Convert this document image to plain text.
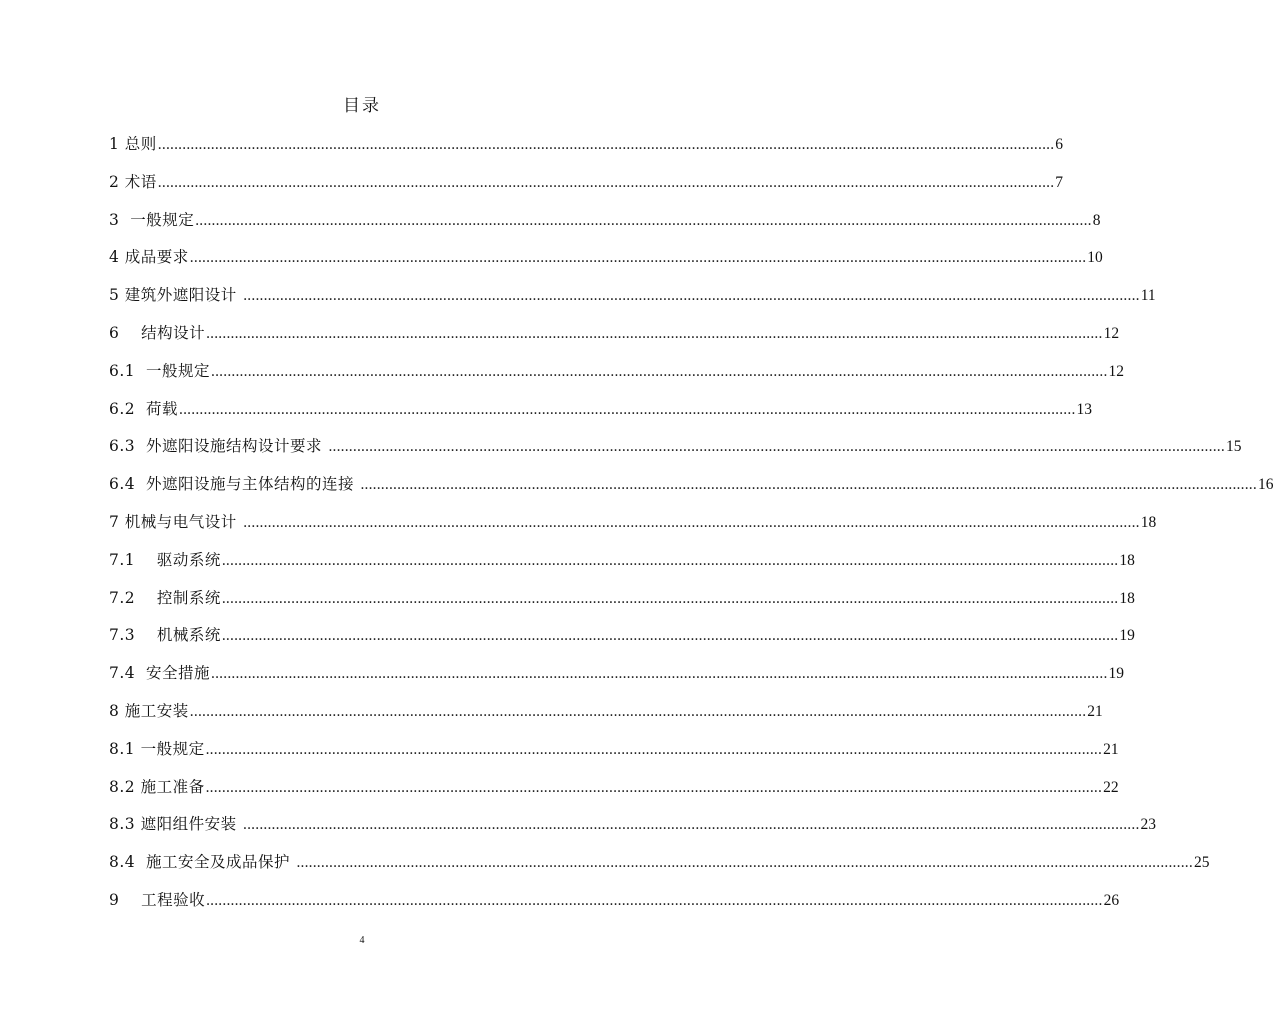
目录
1 总则 ............................................................................................................................................................................................................................ 6
2 术语 ............................................................................................................................................................................................................................ 7
3  一般规定 ............................................................................................................................................................................................................................ 8
4 成品要求 ............................................................................................................................................................................................................................ 10
5 建筑外遮阳设计 ............................................................................................................................................................................................................................ 11
6    结构设计 ............................................................................................................................................................................................................................ 12
6.1  一般规定 ............................................................................................................................................................................................................................ 12
6.2  荷载 ............................................................................................................................................................................................................................ 13
6.3  外遮阳设施结构设计要求 ............................................................................................................................................................................................................................ 15
6.4  外遮阳设施与主体结构的连接 ............................................................................................................................................................................................................................ 16
7 机械与电气设计 ............................................................................................................................................................................................................................ 18
7.1    驱动系统 ............................................................................................................................................................................................................................ 18
7.2    控制系统 ............................................................................................................................................................................................................................ 18
7.3    机械系统 ............................................................................................................................................................................................................................ 19
7.4  安全措施 ............................................................................................................................................................................................................................ 19
8 施工安装 ............................................................................................................................................................................................................................ 21
8.1 一般规定 ............................................................................................................................................................................................................................ 21
8.2 施工准备 ............................................................................................................................................................................................................................ 22
8.3 遮阳组件安装 ............................................................................................................................................................................................................................ 23
8.4  施工安全及成品保护 ............................................................................................................................................................................................................................ 25
9    工程验收 ............................................................................................................................................................................................................................ 26
4
